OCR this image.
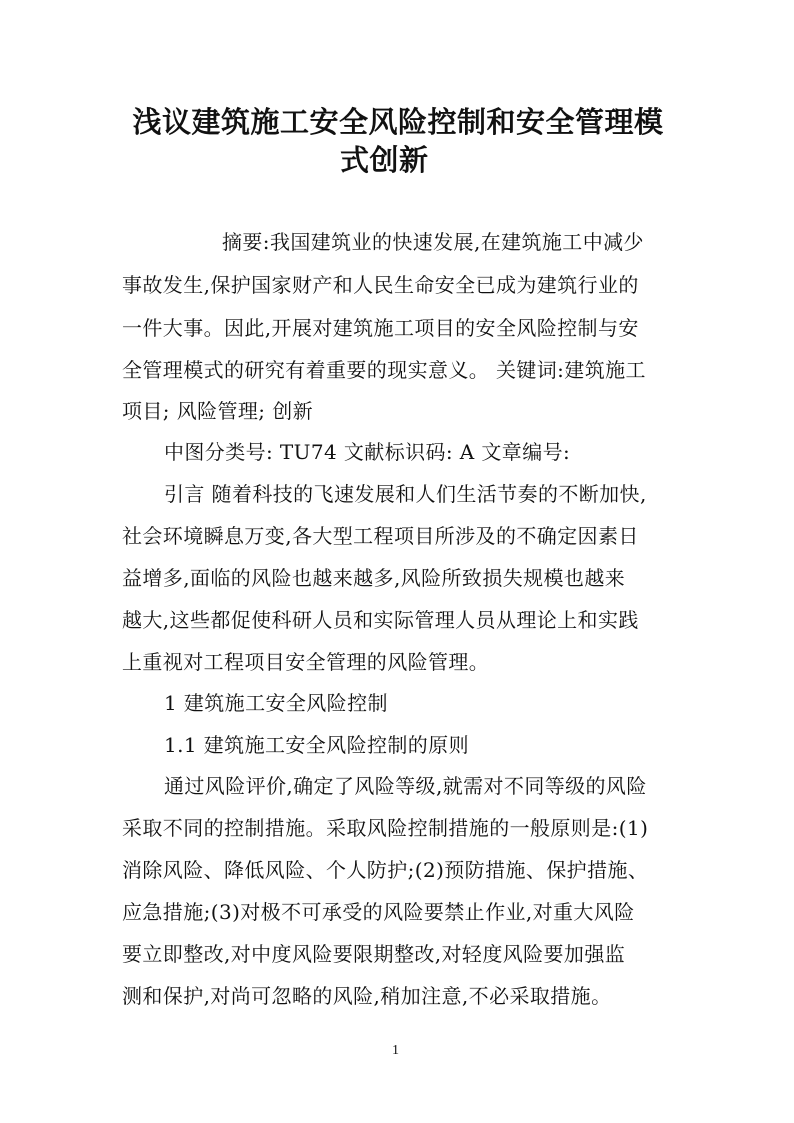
浅议建筑施工安全风险控制和安全管理模
式创新
摘要:我国建筑业的快速发展,在建筑施工中减少
事故发生,保护国家财产和人民生命安全已成为建筑行业的
一件大事。因此,开展对建筑施工项目的安全风险控制与安
全管理模式的研究有着重要的现实意义。 关键词:建筑施工
项目; 风险管理; 创新
中图分类号: TU74 文献标识码: A 文章编号:
引言 随着科技的飞速发展和人们生活节奏的不断加快,
社会环境瞬息万变,各大型工程项目所涉及的不确定因素日
益增多,面临的风险也越来越多,风险所致损失规模也越来
越大,这些都促使科研人员和实际管理人员从理论上和实践
上重视对工程项目安全管理的风险管理。
1 建筑施工安全风险控制
1.1 建筑施工安全风险控制的原则
通过风险评价,确定了风险等级,就需对不同等级的风险
采取不同的控制措施。采取风险控制措施的一般原则是:(1)
消除风险、降低风险、个人防护;(2)预防措施、保护措施、
应急措施;(3)对极不可承受的风险要禁止作业,对重大风险
要立即整改,对中度风险要限期整改,对轻度风险要加强监
测和保护,对尚可忽略的风险,稍加注意,不必采取措施。
1
